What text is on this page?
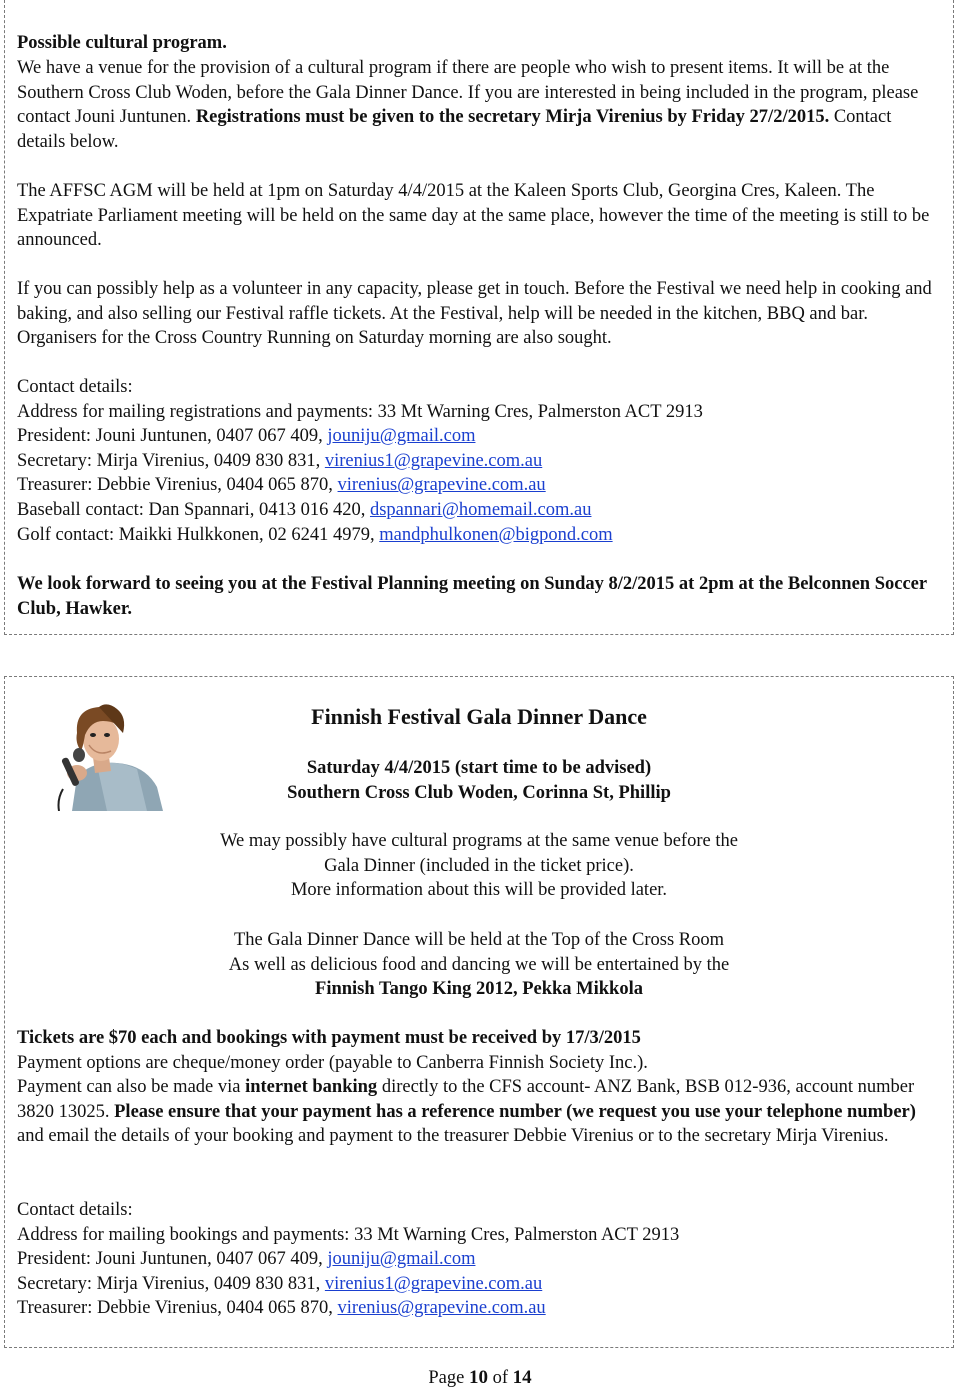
Possible cultural program.

We have a venue for the provision of a cultural program if there are people who wish to present items. It will be at the Southern Cross Club Woden, before the Gala Dinner Dance. If you are interested in being included in the program, please contact Jouni Juntunen. Registrations must be given to the secretary Mirja Virenius by Friday 27/2/2015. Contact details below.

The AFFSC AGM will be held at 1pm on Saturday 4/4/2015 at the Kaleen Sports Club, Georgina Cres, Kaleen. The Expatriate Parliament meeting will be held on the same day at the same place, however the time of the meeting is still to be announced.

If you can possibly help as a volunteer in any capacity, please get in touch. Before the Festival we need help in cooking and baking, and also selling our Festival raffle tickets. At the Festival, help will be needed in the kitchen, BBQ and bar. Organisers for the Cross Country Running on Saturday morning are also sought.

Contact details:
Address for mailing registrations and payments: 33 Mt Warning Cres, Palmerston ACT 2913
President: Jouni Juntunen, 0407 067 409, jouniju@gmail.com
Secretary: Mirja Virenius, 0409 830 831, virenius1@grapevine.com.au
Treasurer: Debbie Virenius, 0404 065 870, virenius@grapevine.com.au
Baseball contact: Dan Spannari, 0413 016 420, dspannari@homemail.com.au
Golf contact: Maikki Hulkkonen, 02 6241 4979, mandphulkonen@bigpond.com

We look forward to seeing you at the Festival Planning meeting on Sunday 8/2/2015 at 2pm at the Belconnen Soccer Club, Hawker.

Finnish Festival Gala Dinner Dance
Saturday 4/4/2015 (start time to be advised)
Southern Cross Club Woden, Corinna St, Phillip
We may possibly have cultural programs at the same venue before the
Gala Dinner (included in the ticket price).
More information about this will be provided later.
The Gala Dinner Dance will be held at the Top of the Cross Room
As well as delicious food and dancing we will be entertained by the
Finnish Tango King 2012, Pekka Mikkola

Tickets are $70 each and bookings with payment must be received by 17/3/2015
Payment options are cheque/money order (payable to Canberra Finnish Society Inc.).
Payment can also be made via internet banking directly to the CFS account- ANZ Bank, BSB 012-936, account number 3820 13025. Please ensure that your payment has a reference number (we request you use your telephone number) and email the details of your booking and payment to the treasurer Debbie Virenius or to the secretary Mirja Virenius.

Contact details:
Address for mailing bookings and payments: 33 Mt Warning Cres, Palmerston ACT 2913
President: Jouni Juntunen, 0407 067 409, jouniju@gmail.com
Secretary: Mirja Virenius, 0409 830 831, virenius1@grapevine.com.au
Treasurer: Debbie Virenius, 0404 065 870, virenius@grapevine.com.au
Page 10 of 14
